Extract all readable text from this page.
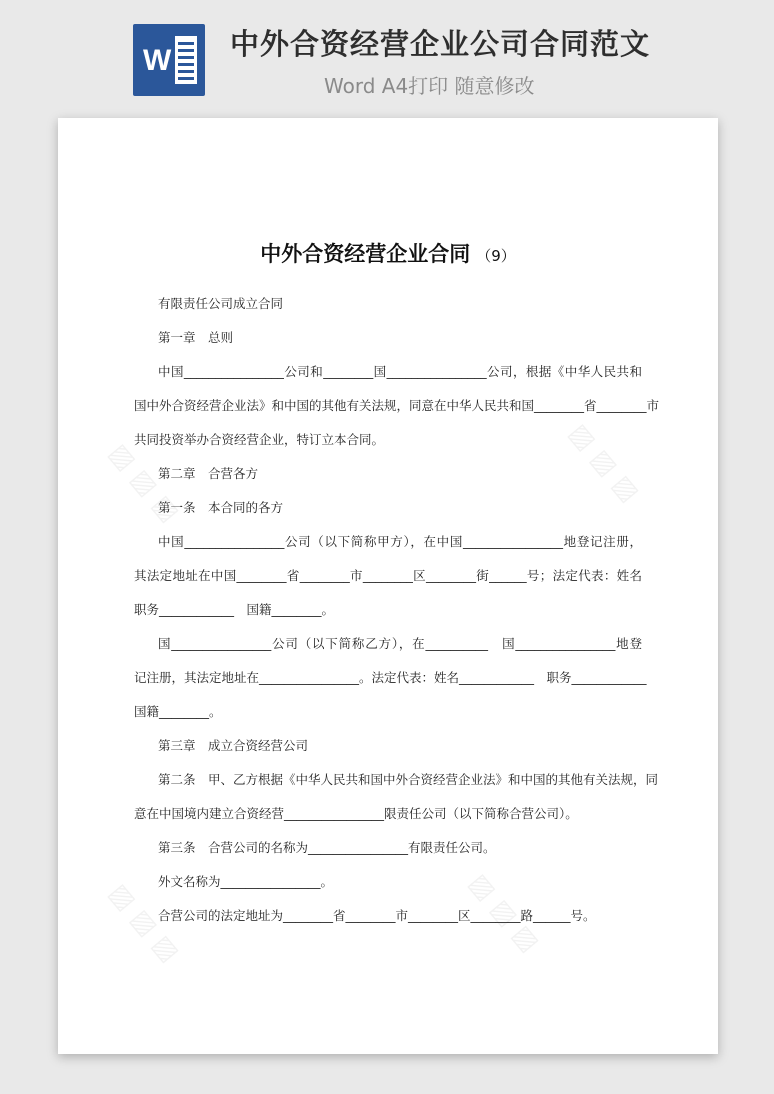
W 中外合资经营企业公司合同范文
Word A4打印 随意修改
▨ ▨ ▨	▨ ▨ ▨
▨ ▨ ▨	▨ ▨ ▨
中外合资经营企业合同 （9）
有限责任公司成立合同
第一章　总则
中国________________公司和________国________________公司，根据《中华人民共和
国中外合资经营企业法》和中国的其他有关法规，同意在中华人民共和国________省________市
共同投资举办合资经营企业，特订立本合同。
第二章　合营各方
第一条　本合同的各方
中国________________公司（以下简称甲方），在中国________________地登记注册，
其法定地址在中国________省________市________区________街______号；法定代表：姓名
职务____________　国籍________。
国________________公司（以下简称乙方），在__________　国________________地登
记注册，其法定地址在________________。法定代表：姓名____________　职务____________
国籍________。
第三章　成立合资经营公司
第二条　甲、乙方根据《中华人民共和国中外合资经营企业法》和中国的其他有关法规，同
意在中国境内建立合资经营________________限责任公司（以下简称合营公司）。
第三条　合营公司的名称为________________有限责任公司。
外文名称为________________。
合营公司的法定地址为________省________市________区________路______号。
